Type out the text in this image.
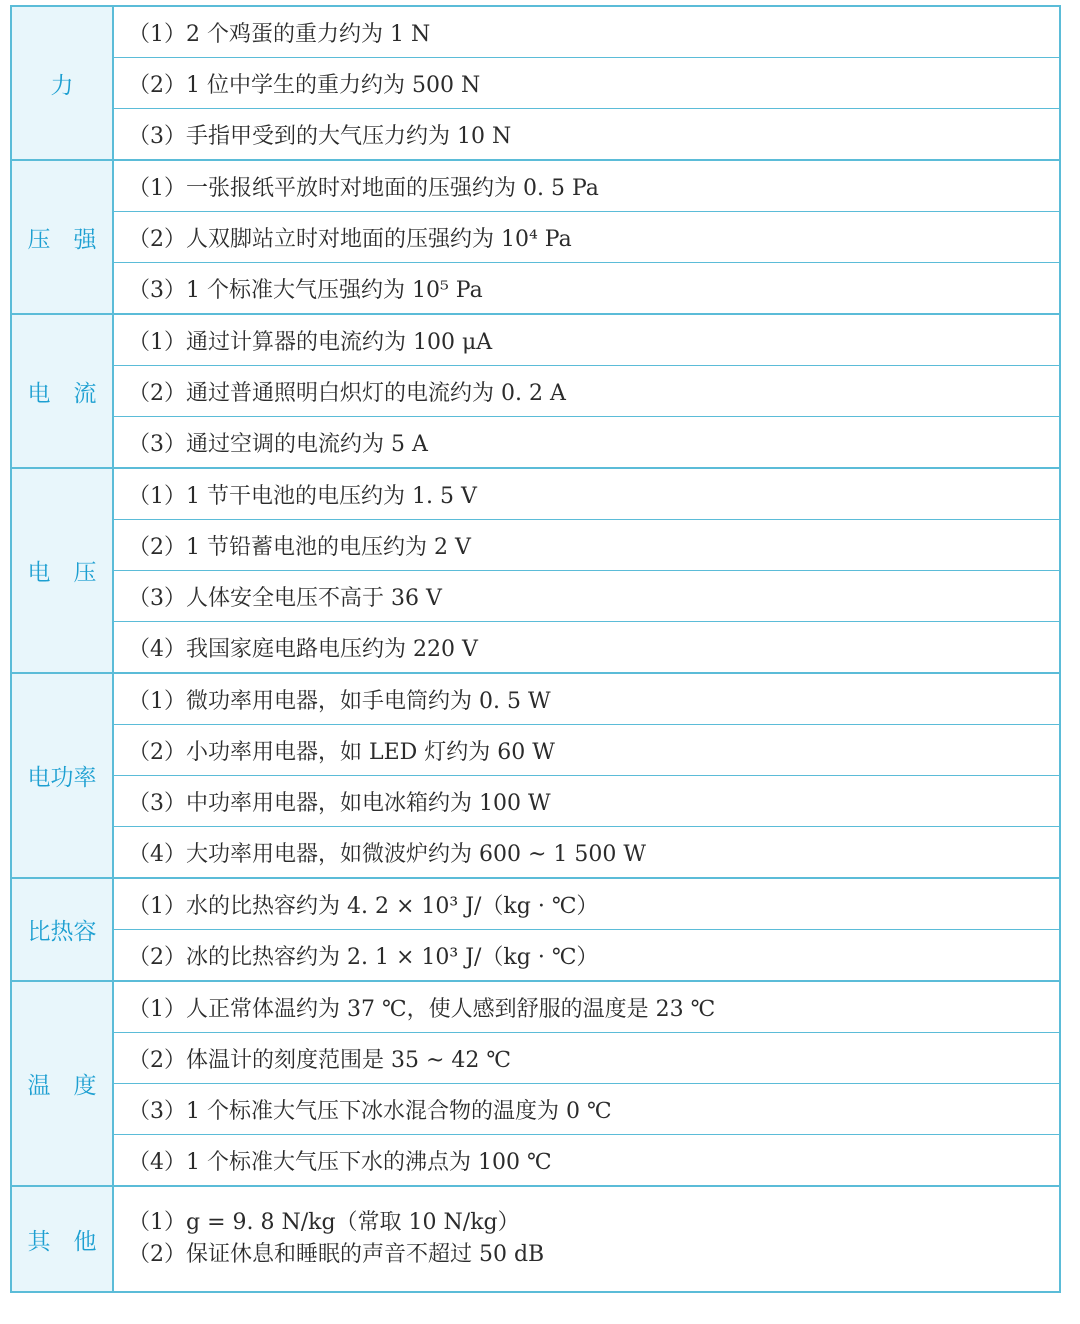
力	（1）2 个鸡蛋的重力约为 1 N
	（2）1 位中学生的重力约为 500 N
	（3）手指甲受到的大气压力约为 10 N
压　强	（1）一张报纸平放时对地面的压强约为 0. 5 Pa
	（2）人双脚站立时对地面的压强约为 10⁴ Pa
	（3）1 个标准大气压强约为 10⁵ Pa
电　流	（1）通过计算器的电流约为 100 μA
	（2）通过普通照明白炽灯的电流约为 0. 2 A
	（3）通过空调的电流约为 5 A
电　压	（1）1 节干电池的电压约为 1. 5 V
	（2）1 节铅蓄电池的电压约为 2 V
	（3）人体安全电压不高于 36 V
	（4）我国家庭电路电压约为 220 V
电功率	（1）微功率用电器，如手电筒约为 0. 5 W
	（2）小功率用电器，如 LED 灯约为 60 W
	（3）中功率用电器，如电冰箱约为 100 W
	（4）大功率用电器，如微波炉约为 600 ~ 1 500 W
比热容	（1）水的比热容约为 4. 2 × 10³ J/（kg · ℃）
	（2）冰的比热容约为 2. 1 × 10³ J/（kg · ℃）
温　度	（1）人正常体温约为 37 ℃，使人感到舒服的温度是 23 ℃
	（2）体温计的刻度范围是 35 ~ 42 ℃
	（3）1 个标准大气压下冰水混合物的温度为 0 ℃
	（4）1 个标准大气压下水的沸点为 100 ℃
其　他	（1）g = 9. 8 N/kg（常取 10 N/kg）
（2）保证休息和睡眠的声音不超过 50 dB
